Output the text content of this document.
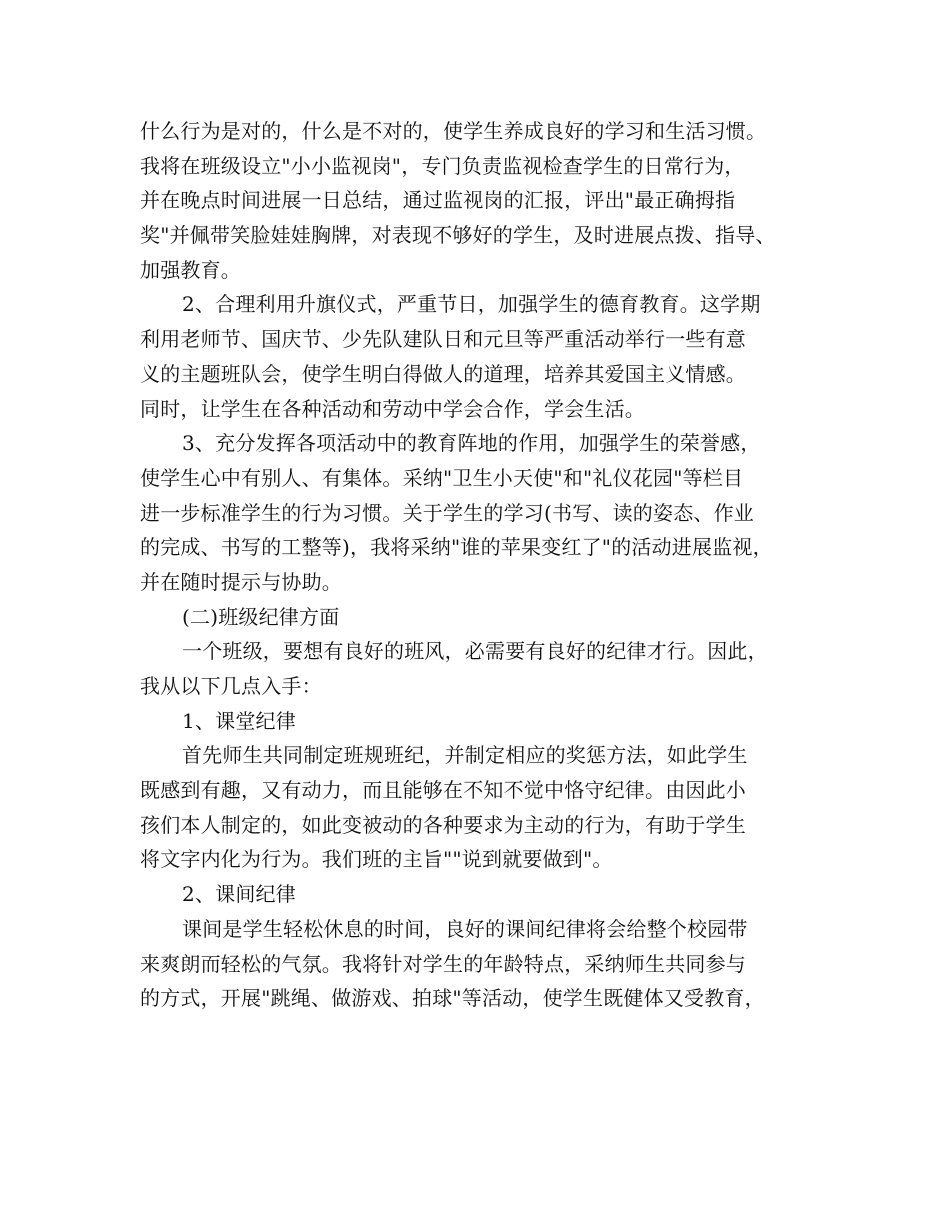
什么行为是对的，什么是不对的，使学生养成良好的学习和生活习惯。
我将在班级设立"小小监视岗"，专门负责监视检查学生的日常行为，
并在晚点时间进展一日总结，通过监视岗的汇报，评出"最正确拇指
奖"并佩带笑脸娃娃胸牌，对表现不够好的学生，及时进展点拨、指导、
加强教育。
2、合理利用升旗仪式，严重节日，加强学生的德育教育。这学期
利用老师节、国庆节、少先队建队日和元旦等严重活动举行一些有意
义的主题班队会，使学生明白得做人的道理，培养其爱国主义情感。
同时，让学生在各种活动和劳动中学会合作，学会生活。
3、充分发挥各项活动中的教育阵地的作用，加强学生的荣誉感，
使学生心中有别人、有集体。采纳"卫生小天使"和"礼仪花园"等栏目
进一步标准学生的行为习惯。关于学生的学习(书写、读的姿态、作业
的完成、书写的工整等)，我将采纳"谁的苹果变红了"的活动进展监视，
并在随时提示与协助。
(二)班级纪律方面
一个班级，要想有良好的班风，必需要有良好的纪律才行。因此，
我从以下几点入手：
1、课堂纪律
首先师生共同制定班规班纪，并制定相应的奖惩方法，如此学生
既感到有趣，又有动力，而且能够在不知不觉中恪守纪律。由因此小
孩们本人制定的，如此变被动的各种要求为主动的行为，有助于学生
将文字内化为行为。我们班的主旨""说到就要做到"。
2、课间纪律
课间是学生轻松休息的时间，良好的课间纪律将会给整个校园带
来爽朗而轻松的气氛。我将针对学生的年龄特点，采纳师生共同参与
的方式，开展"跳绳、做游戏、拍球"等活动，使学生既健体又受教育，
